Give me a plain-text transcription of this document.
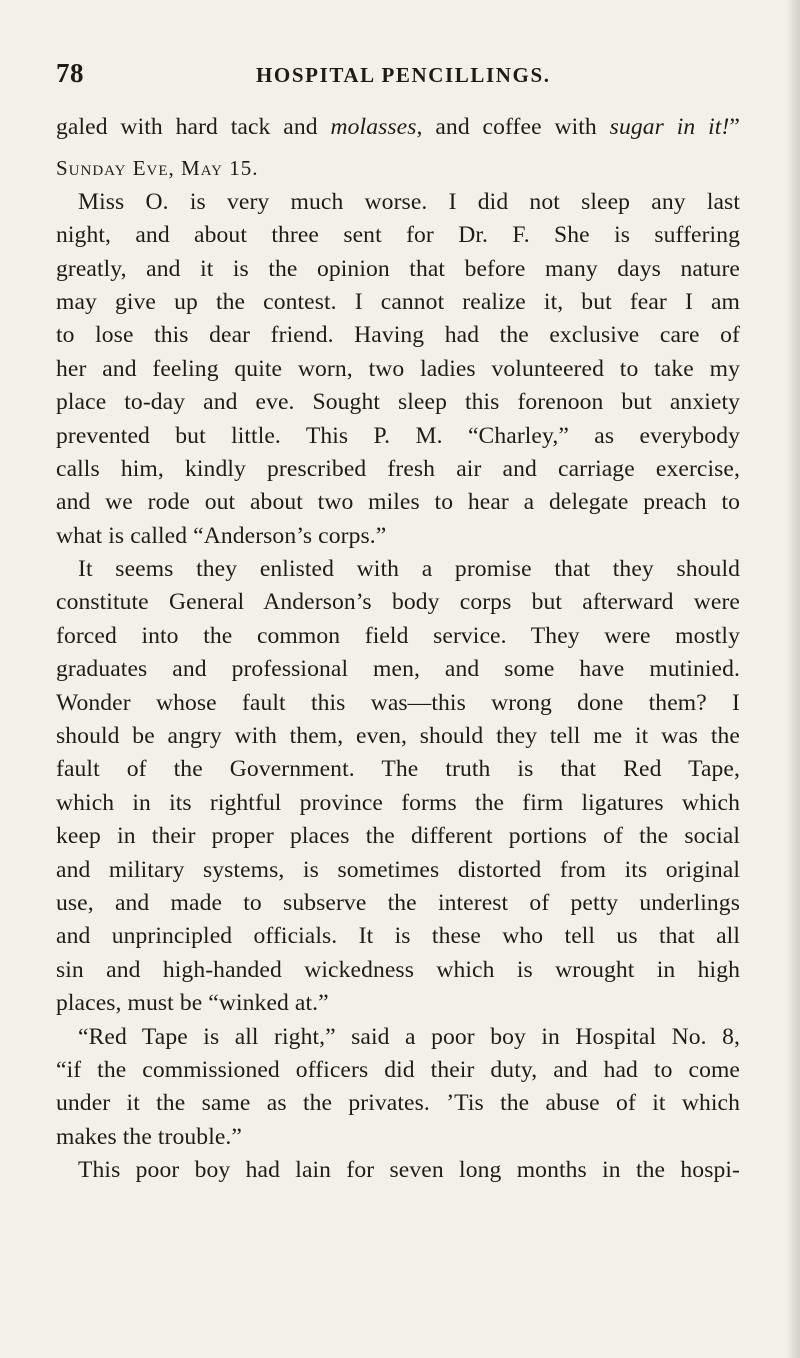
78	HOSPITAL PENCILLINGS.
galed with hard tack and molasses, and coffee with sugar in it!”
Sunday Eve, May 15.
Miss O. is very much worse. I did not sleep any last
night, and about three sent for Dr. F. She is suffering
greatly, and it is the opinion that before many days nature
may give up the contest. I cannot realize it, but fear I am
to lose this dear friend. Having had the exclusive care of
her and feeling quite worn, two ladies volunteered to take my
place to-day and eve. Sought sleep this forenoon but anxiety
prevented but little. This P. M. “Charley,” as everybody
calls him, kindly prescribed fresh air and carriage exercise,
and we rode out about two miles to hear a delegate preach to
what is called “Anderson’s corps.”
It seems they enlisted with a promise that they should
constitute General Anderson’s body corps but afterward were
forced into the common field service. They were mostly
graduates and professional men, and some have mutinied.
Wonder whose fault this was—this wrong done them? I
should be angry with them, even, should they tell me it was the
fault of the Government. The truth is that Red Tape,
which in its rightful province forms the firm ligatures which
keep in their proper places the different portions of the social
and military systems, is sometimes distorted from its original
use, and made to subserve the interest of petty underlings
and unprincipled officials. It is these who tell us that all
sin and high-handed wickedness which is wrought in high
places, must be “winked at.”
“Red Tape is all right,” said a poor boy in Hospital No. 8,
“if the commissioned officers did their duty, and had to come
under it the same as the privates. ’Tis the abuse of it which
makes the trouble.”
This poor boy had lain for seven long months in the hospi-
